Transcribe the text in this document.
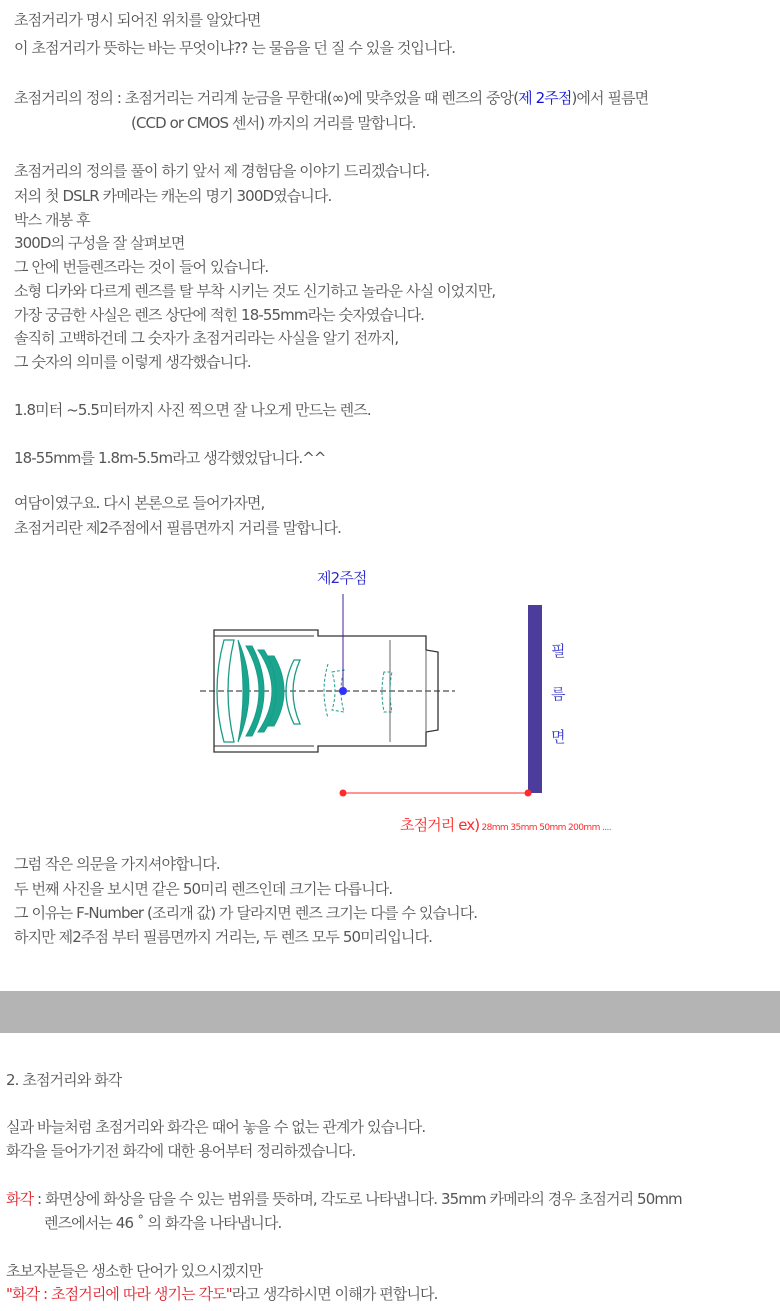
초점거리가 명시 되어진 위치를 알았다면
이 초점거리가 뜻하는 바는 무엇이냐?? 는 물음을 던 질 수 있을 것입니다.
초점거리의 정의 : 초점거리는 거리계 눈금을 무한대(∞)에 맞추었을 때 렌즈의 중앙(제 2주점)에서 필름면
(CCD or CMOS 센서) 까지의 거리를 말합니다.
초점거리의 정의를 풀이 하기 앞서 제 경험담을 이야기 드리겠습니다.
저의 첫 DSLR 카메라는 캐논의 명기 300D였습니다.
박스 개봉 후
300D의 구성을 잘 살펴보면
그 안에 번들렌즈라는 것이 들어 있습니다.
소형 디카와 다르게 렌즈를 탈 부착 시키는 것도 신기하고 놀라운 사실 이었지만,
가장 궁금한 사실은 렌즈 상단에 적힌 18-55mm라는 숫자였습니다.
솔직히 고백하건데 그 숫자가 초점거리라는 사실을 알기 전까지,
그 숫자의 의미를 이렇게 생각했습니다.
1.8미터 ~5.5미터까지 사진 찍으면 잘 나오게 만드는 렌즈.
18-55mm를 1.8m-5.5m라고 생각했었답니다.^^
여담이였구요. 다시 본론으로 들어가자면,
초점거리란 제2주점에서 필름면까지 거리를 말합니다.
제2주점
필
름
면
초점거리 ex) 28mm 35mm 50mm 200mm ....
그럼 작은 의문을 가지셔야합니다.
두 번째 사진을 보시면 같은 50미리 렌즈인데 크기는 다릅니다.
그 이유는 F-Number (조리개 값) 가 달라지면 렌즈 크기는 다를 수 있습니다.
하지만 제2주점 부터 필름면까지 거리는, 두 렌즈 모두 50미리입니다.
2. 초점거리와 화각
실과 바늘처럼 초점거리와 화각은 때어 놓을 수 없는 관계가 있습니다.
화각을 들어가기전 화각에 대한 용어부터 정리하겠습니다.
화각 : 화면상에 화상을 담을 수 있는 범위를 뜻하며, 각도로 나타냅니다. 35mm 카메라의 경우 초점거리 50mm
렌즈에서는 46 ˚ 의 화각을 나타냅니다.
초보자분들은 생소한 단어가 있으시겠지만
"화각 : 초점거리에 따라 생기는 각도"라고 생각하시면 이해가 편합니다.
